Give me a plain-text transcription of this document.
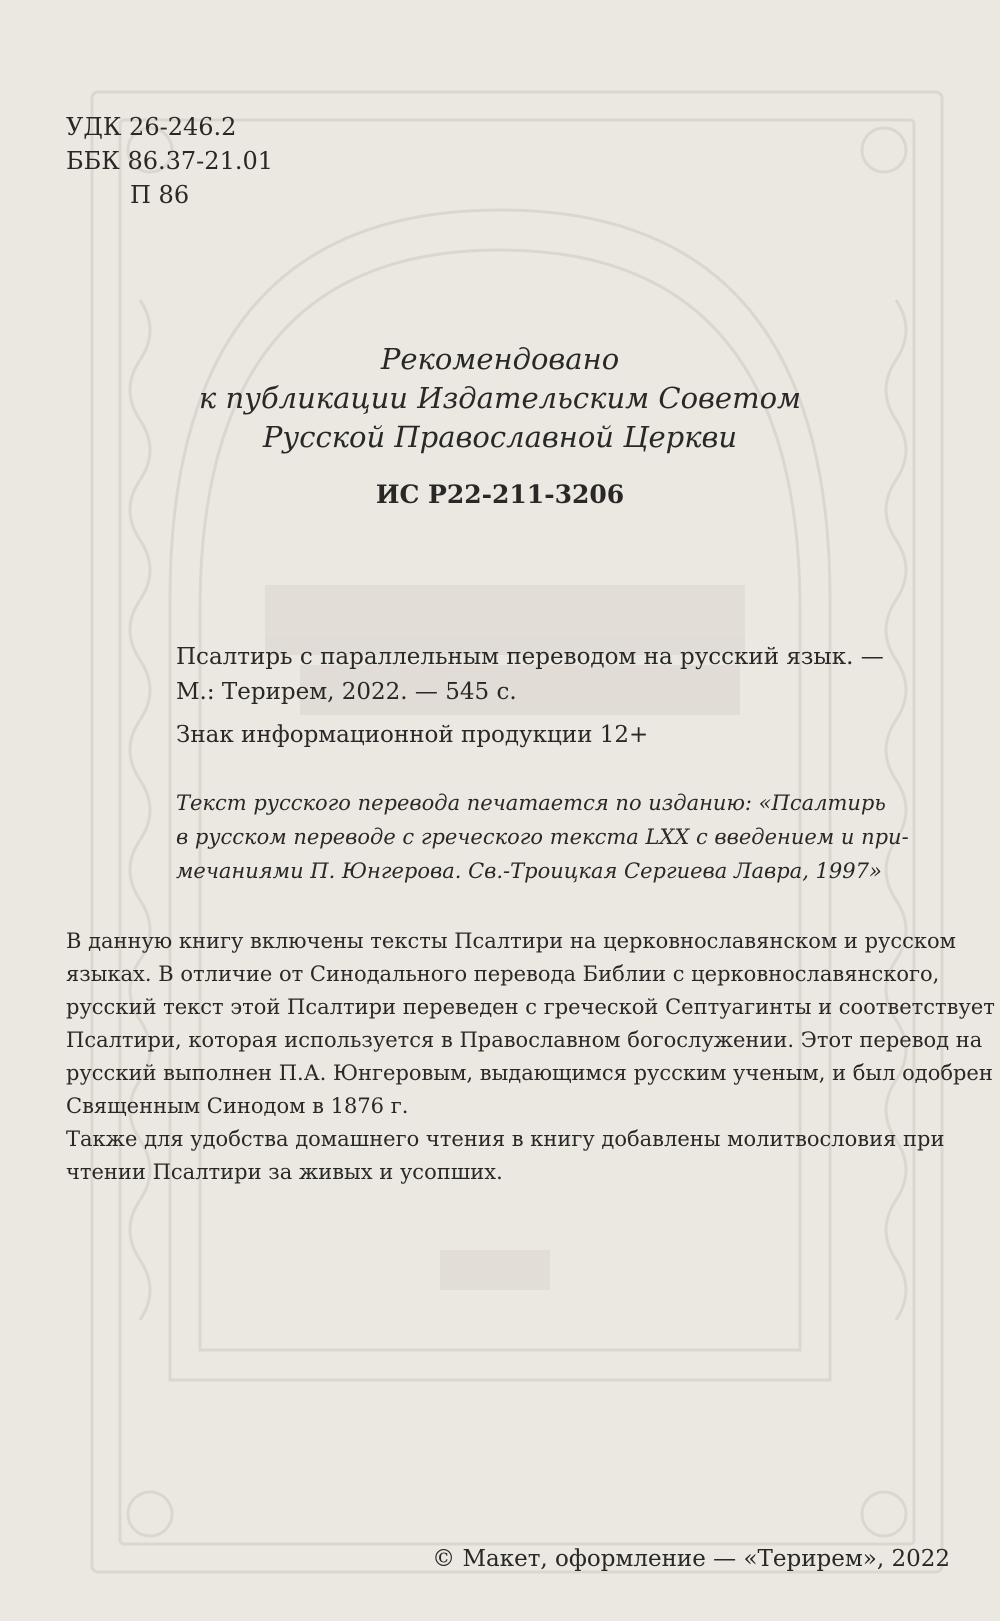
УДК 26-246.2
ББК 86.37-21.01
П 86
Рекомендовано
к публикации Издательским Советом
Русской Православной Церкви
ИС Р22-211-3206
Псалтирь с параллельным переводом на русский язык. —
М.: Терирем, 2022. — 545 с.
Знак информационной продукции 12+
Текст русского перевода печатается по изданию: «Псалтирь
в русском переводе с греческого текста LXX с введением и при-
мечаниями П. Юнгерова. Св.-Троицкая Сергиева Лавра, 1997»
В данную книгу включены тексты Псалтири на церковнославянском и русском
языках. В отличие от Синодального перевода Библии с церковнославянского,
русский текст этой Псалтири переведен с греческой Септуагинты и соответствует
Псалтири, которая используется в Православном богослужении. Этот перевод на
русский выполнен П.А. Юнгеровым, выдающимся русским ученым, и был одобрен
Священным Синодом в 1876 г.
Также для удобства домашнего чтения в книгу добавлены молитвословия при
чтении Псалтири за живых и усопших.
© Макет, оформление — «Терирем», 2022
